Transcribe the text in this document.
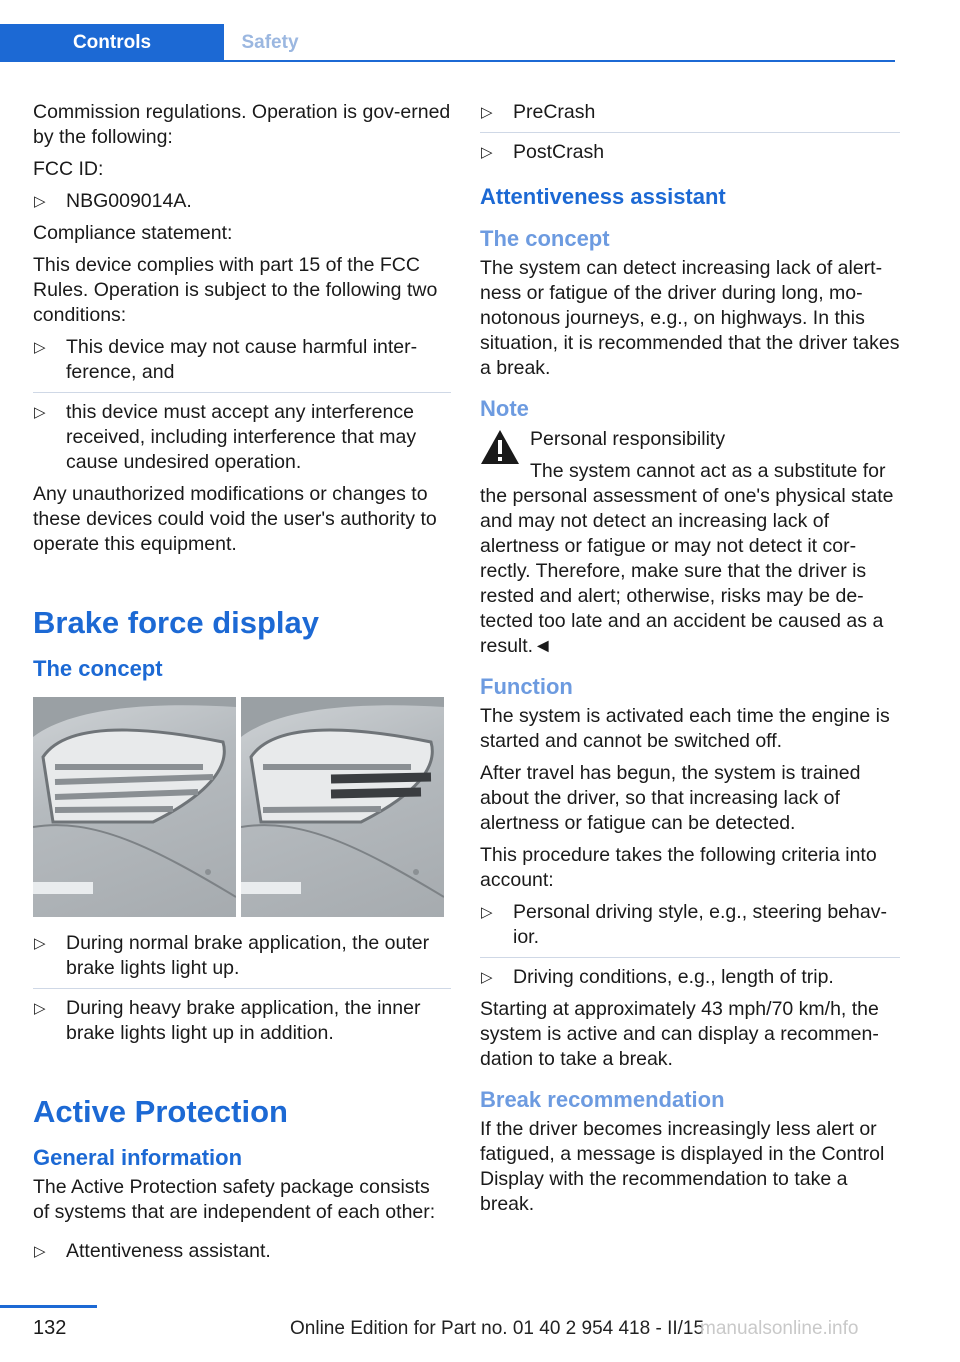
Controls	Safety

Commission regulations. Operation is gov‐erned by the following:

FCC ID:

▷ NBG009014A.

Compliance statement:

This device complies with part 15 of the FCC Rules. Operation is subject to the following two conditions:

▷ This device may not cause harmful inter‐ference, and
▷ this device must accept any interference received, including interference that may cause undesired operation.

Any unauthorized modifications or changes to these devices could void the user's authority to operate this equipment.

Brake force display
The concept
▷ During normal brake application, the outer brake lights light up.
▷ During heavy brake application, the inner brake lights light up in addition.
Active Protection
General information

The Active Protection safety package consists of systems that are independent of each other:

▷ Attentiveness assistant.
▷ PreCrash
▷ PostCrash
Attentiveness assistant
The concept

The system can detect increasing lack of alert‐ness or fatigue of the driver during long, mo‐notonous journeys, e.g., on highways. In this situation, it is recommended that the driver takes a break.

Note

Personal responsibility

The system cannot act as a substitute for the personal assessment of one's physical state and may not detect an increasing lack of alertness or fatigue or may not detect it cor‐rectly. Therefore, make sure that the driver is rested and alert; otherwise, risks may be de‐tected too late and an accident be caused as a result.◄

Function

The system is activated each time the engine is started and cannot be switched off.

After travel has begun, the system is trained about the driver, so that increasing lack of alertness or fatigue can be detected.

This procedure takes the following criteria into account:

▷ Personal driving style, e.g., steering behav‐ior.
▷ Driving conditions, e.g., length of trip.

Starting at approximately 43 mph/70 km/h, the system is active and can display a recommen‐dation to take a break.

Break recommendation

If the driver becomes increasingly less alert or fatigued, a message is displayed in the Control Display with the recommendation to take a break.

132	Online Edition for Part no. 01 40 2 954 418 - II/15
manualsonline.info
